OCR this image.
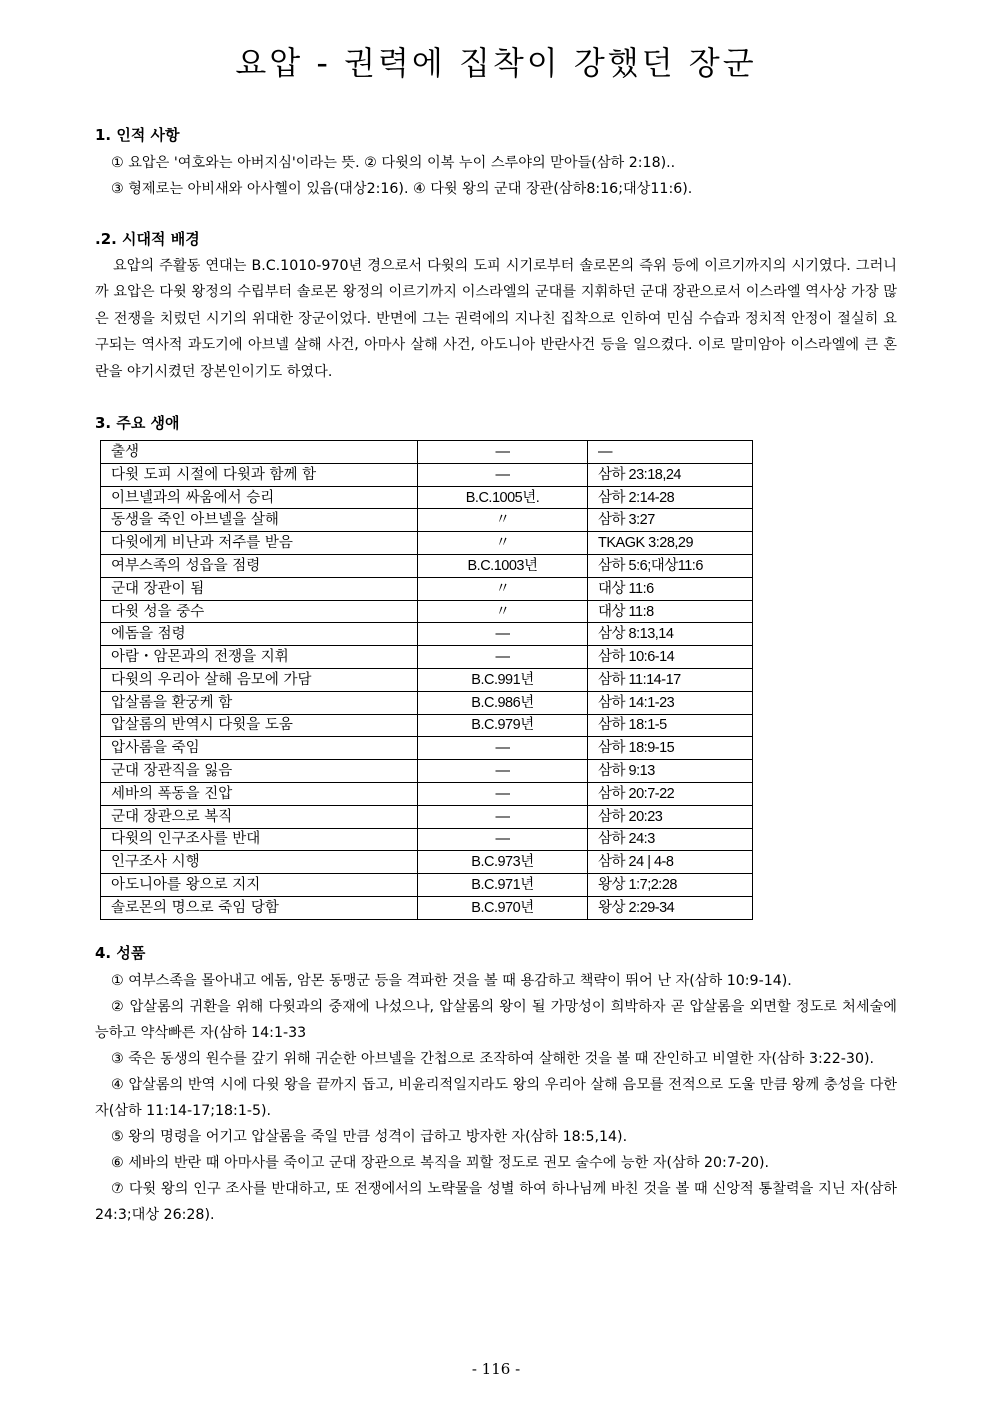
요압 - 권력에 집착이 강했던 장군

1. 인적 사항

① 요압은 '여호와는 아버지심'이라는 뜻. ② 다윗의 이복 누이 스루야의 맏아들(삼하 2:18)..

③ 형제로는 아비새와 아사헬이 있음(대상2:16). ④ 다윗 왕의 군대 장관(삼하8:16;대상11:6).

.2. 시대적 배경

요압의 주활동 연대는 B.C.1010-970년 경으로서 다윗의 도피 시기로부터 솔로몬의 즉위 등에 이르기까지의 시기였다. 그러니까 요압은 다윗 왕정의 수립부터 솔로몬 왕정의 이르기까지 이스라엘의 군대를 지휘하던 군대 장관으로서 이스라엘 역사상 가장 많은 전쟁을 치렀던 시기의 위대한 장군이었다. 반면에 그는 권력에의 지나친 집착으로 인하여 민심 수습과 정치적 안정이 절실히 요구되는 역사적 과도기에 아브넬 살해 사건, 아마사 살해 사건, 아도니아 반란사건 등을 일으켰다. 이로 말미암아 이스라엘에 큰 혼란을 야기시켰던 장본인이기도 하였다.

3. 주요 생애

출생	—	—
다윗 도피 시절에 다윗과 함께 함	—	삼하 23:18,24
이브넬과의 싸움에서 승리	B.C.1005년.	삼하 2:14-28
동생을 죽인 아브넬을 살해	〃	삼하 3:27
다윗에게 비난과 저주를 받음	〃	TKAGK 3:28,29
여부스족의 성읍을 점령	B.C.1003년	삼하 5:6;대상11:6
군대 장관이 됨	〃	대상 11:6
다윗 성을 중수	〃	대상 11:8
에돔을 점령	—	삼상 8:13,14
아람・암몬과의 전쟁을 지휘	—	삼하 10:6-14
다윗의 우리아 살해 음모에 가담	B.C.991년	삼하 11:14-17
압살롬을 환궁케 함	B.C.986년	삼하 14:1-23
압살롬의 반역시 다윗을 도움	B.C.979년	삼하 18:1-5
압사롬을 죽임	—	삼하 18:9-15
군대 장관직을 잃음	—	삼하 9:13
세바의 폭동을 진압	—	삼하 20:7-22
군대 장관으로 복직	—	삼하 20:23
다윗의 인구조사를 반대	—	삼하 24:3
인구조사 시행	B.C.973년	삼하 24 | 4-8
아도니아를 왕으로 지지	B.C.971년	왕상 1:7;2:28
솔로몬의 명으로 죽임 당함	B.C.970년	왕상 2:29-34

4. 성품

① 여부스족을 몰아내고 에돔, 암몬 동맹군 등을 격파한 것을 볼 때 용감하고 책략이 뛰어 난 자(삼하 10:9-14).

② 압살롬의 귀환을 위해 다윗과의 중재에 나섰으나, 압살롬의 왕이 될 가망성이 희박하자 곧 압살롬을 외면할 정도로 처세술에 능하고 약삭빠른 자(삼하 14:1-33

③ 죽은 동생의 원수를 갚기 위해 귀순한 아브넬을 간첩으로 조작하여 살해한 것을 볼 때 잔인하고 비열한 자(삼하 3:22-30).

④ 압살롬의 반역 시에 다윗 왕을 끝까지 돕고, 비윤리적일지라도 왕의 우리아 살해 음모를 전적으로 도울 만큼 왕께 충성을 다한 자(삼하 11:14-17;18:1-5).

⑤ 왕의 명령을 어기고 압살롬을 죽일 만큼 성격이 급하고 방자한 자(삼하 18:5,14).

⑥ 세바의 반란 때 아마사를 죽이고 군대 장관으로 복직을 꾀할 정도로 권모 술수에 능한 자(삼하 20:7-20).

⑦ 다윗 왕의 인구 조사를 반대하고, 또 전쟁에서의 노략물을 성별 하여 하나님께 바친 것을 볼 때 신앙적 통찰력을 지닌 자(삼하 24:3;대상 26:28).

- 116 -
